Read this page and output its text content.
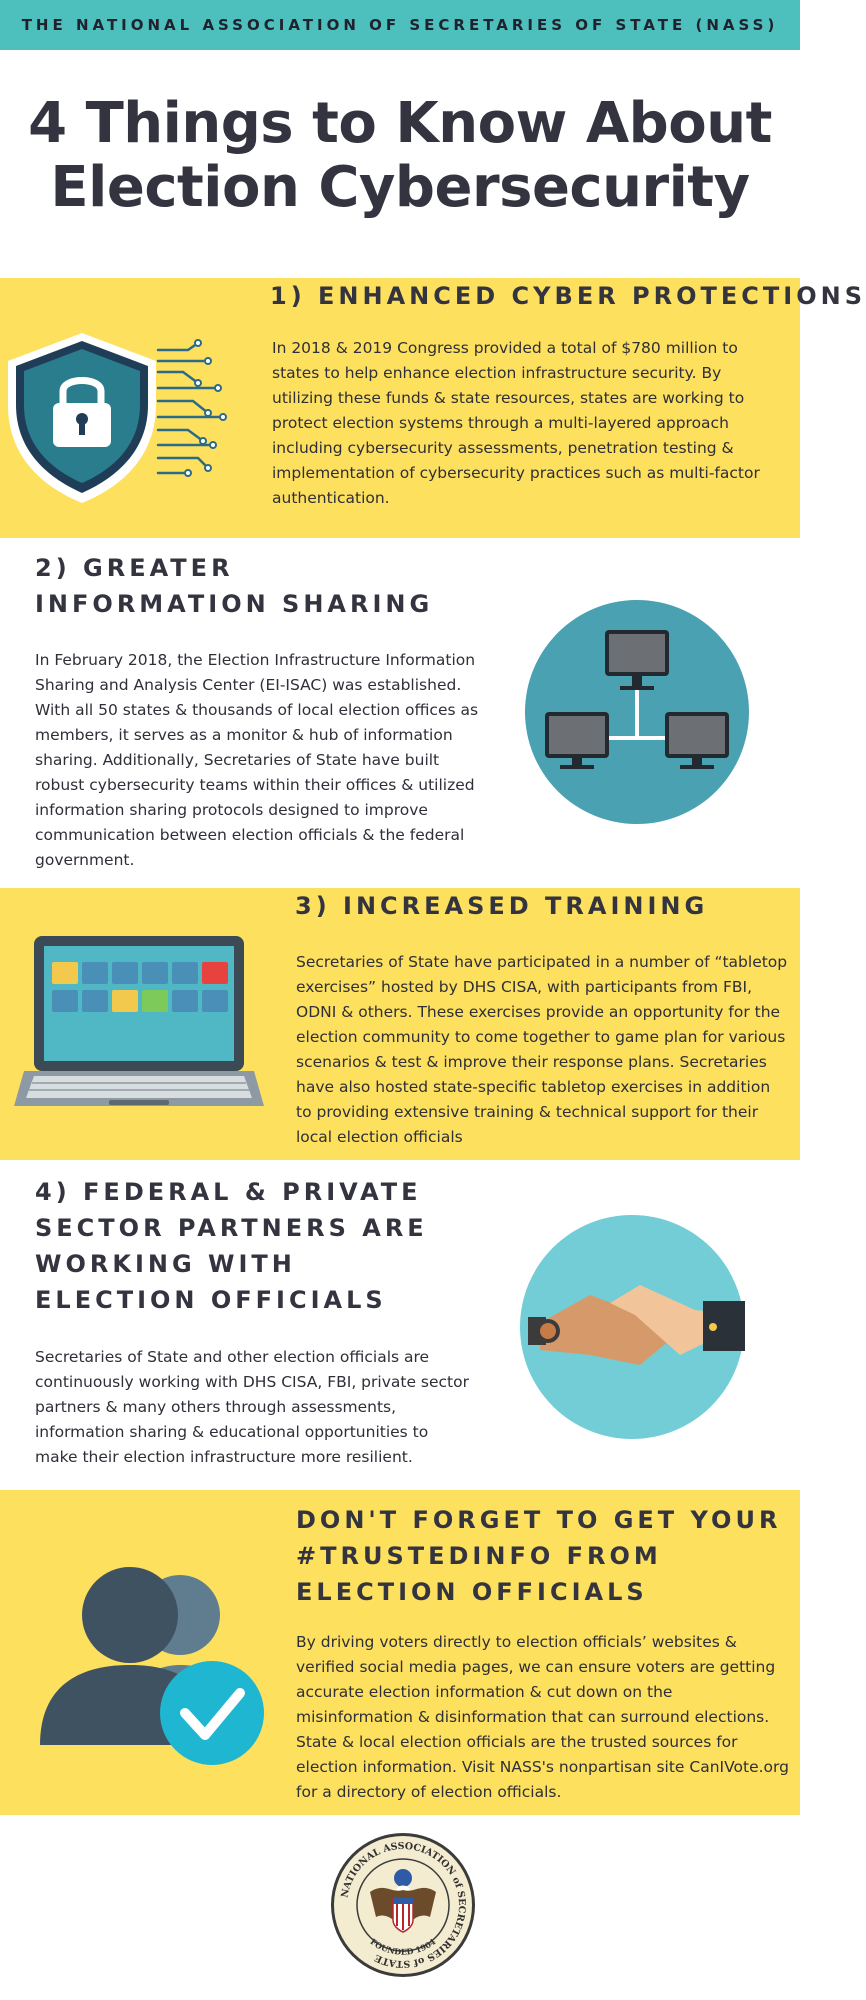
THE NATIONAL ASSOCIATION OF SECRETARIES OF STATE (NASS)
4 Things to Know About
Election Cybersecurity
1) ENHANCED CYBER PROTECTIONS
In 2018 & 2019 Congress provided a total of $780 million to states to help enhance election infrastructure security. By utilizing these funds & state resources, states are working to protect election systems through a multi-layered approach including cybersecurity assessments, penetration testing & implementation of cybersecurity practices such as multi-factor authentication.
2) GREATER INFORMATION SHARING
In February 2018, the Election Infrastructure Information Sharing and Analysis Center (EI-ISAC) was established. With all 50 states & thousands of local election offices as members, it serves as a monitor & hub of information sharing. Additionally, Secretaries of State have built robust cybersecurity teams within their offices & utilized information sharing protocols designed to improve communication between election officials & the federal government.
3) INCREASED TRAINING
Secretaries of State have participated in a number of “tabletop exercises” hosted by DHS CISA, with participants from FBI, ODNI & others. These exercises provide an opportunity for the election community to come together to game plan for various scenarios & test & improve their response plans. Secretaries have also hosted state-specific tabletop exercises in addition to providing extensive training & technical support for their local election officials
4) FEDERAL & PRIVATE SECTOR PARTNERS ARE WORKING WITH ELECTION OFFICIALS
Secretaries of State and other election officials are continuously working with DHS CISA, FBI, private sector partners & many others through assessments, information sharing & educational opportunities to make their election infrastructure more resilient.
DON'T FORGET TO GET YOUR #TRUSTEDINFO FROM ELECTION OFFICIALS
By driving voters directly to election officials’ websites & verified social media pages, we can ensure voters are getting accurate election information & cut down on the misinformation & disinformation that can surround elections. State & local election officials are the trusted sources for election information. Visit NASS's nonpartisan site CanIVote.org for a directory of election officials.
NATIONAL ASSOCIATION of SECRETARIES of STATE
FOUNDED 1904
